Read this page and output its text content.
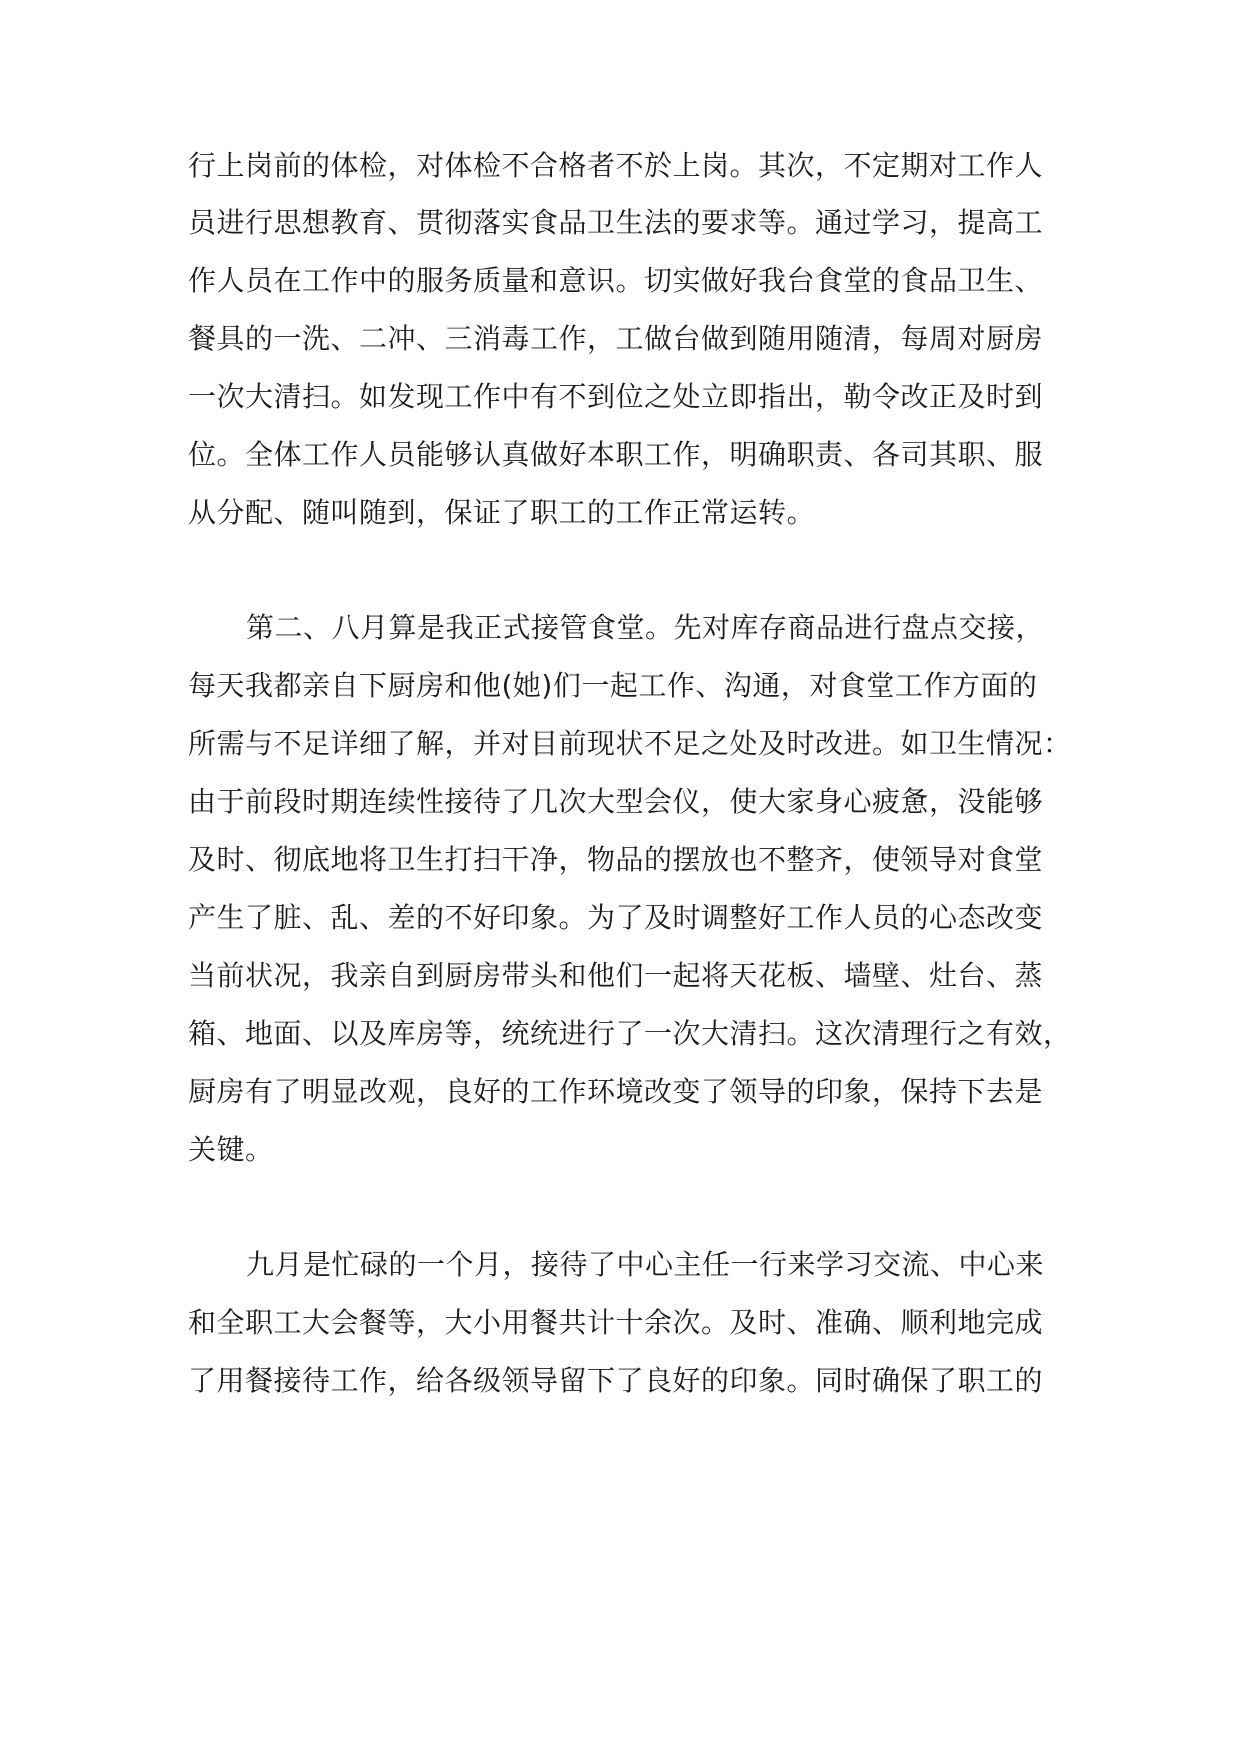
行上岗前的体检，对体检不合格者不於上岗。其次，不定期对工作人
员进行思想教育、贯彻落实食品卫生法的要求等。通过学习，提高工
作人员在工作中的服务质量和意识。切实做好我台食堂的食品卫生、
餐具的一洗、二冲、三消毒工作，工做台做到随用随清，每周对厨房
一次大清扫。如发现工作中有不到位之处立即指出，勒令改正及时到
位。全体工作人员能够认真做好本职工作，明确职责、各司其职、服
从分配、随叫随到，保证了职工的工作正常运转。
第二、八月算是我正式接管食堂。先对库存商品进行盘点交接，
每天我都亲自下厨房和他(她)们一起工作、沟通，对食堂工作方面的
所需与不足详细了解，并对目前现状不足之处及时改进。如卫生情况：
由于前段时期连续性接待了几次大型会仪，使大家身心疲惫，没能够
及时、彻底地将卫生打扫干净，物品的摆放也不整齐，使领导对食堂
产生了脏、乱、差的不好印象。为了及时调整好工作人员的心态改变
当前状况，我亲自到厨房带头和他们一起将天花板、墙壁、灶台、蒸
箱、地面、以及库房等，统统进行了一次大清扫。这次清理行之有效，
厨房有了明显改观，良好的工作环境改变了领导的印象，保持下去是
关键。
九月是忙碌的一个月，接待了中心主任一行来学习交流、中心来
和全职工大会餐等，大小用餐共计十余次。及时、准确、顺利地完成
了用餐接待工作，给各级领导留下了良好的印象。同时确保了职工的
